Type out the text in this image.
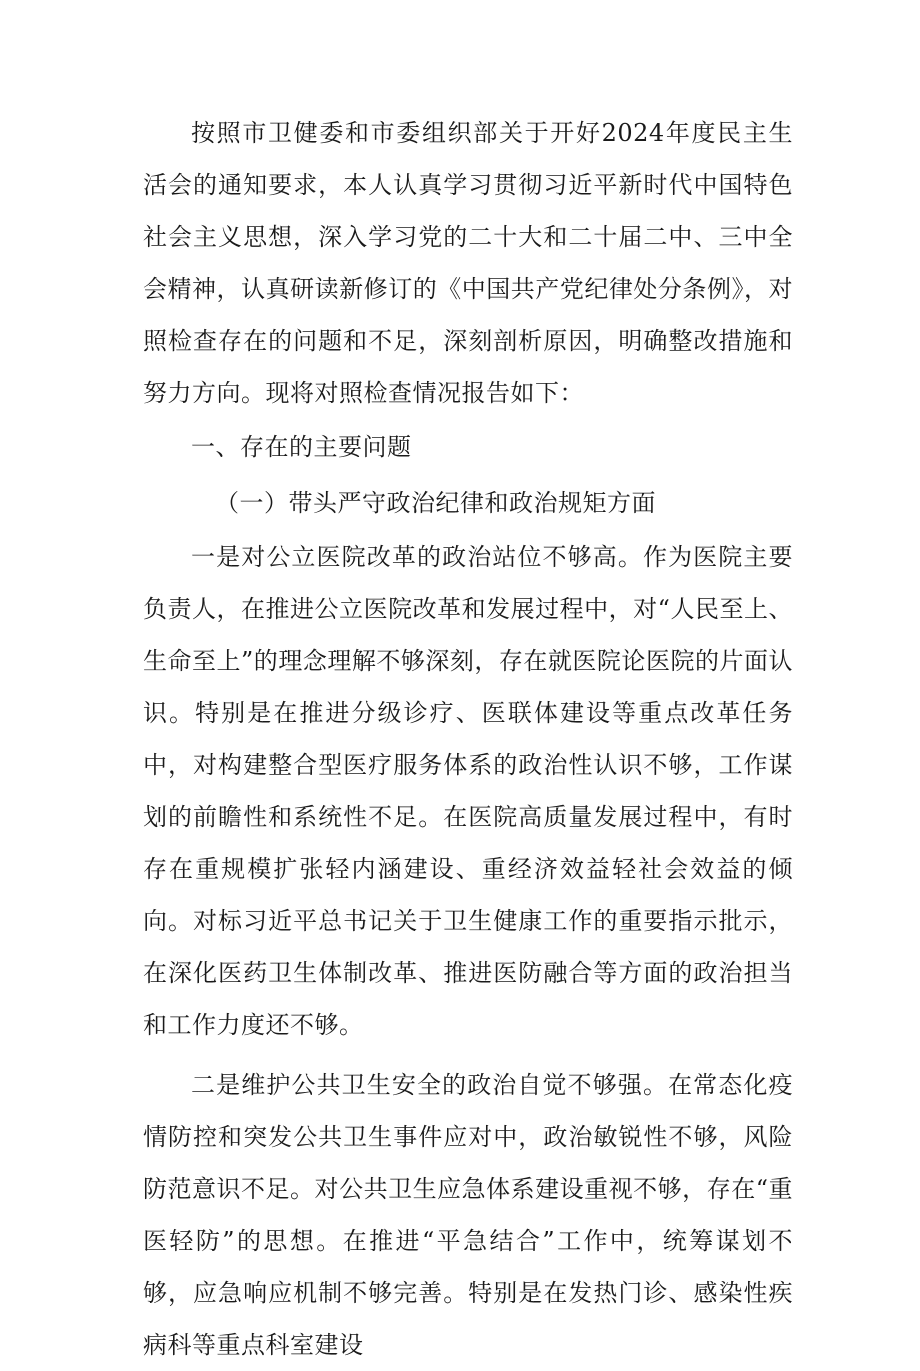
按照市卫健委和市委组织部关于开好2024年度民主生活会的通知要求，本人认真学习贯彻习近平新时代中国特色社会主义思想，深入学习党的二十大和二十届二中、三中全会精神，认真研读新修订的《中国共产党纪律处分条例》，对照检查存在的问题和不足，深刻剖析原因，明确整改措施和努力方向。现将对照检查情况报告如下：

一、存在的主要问题

（一）带头严守政治纪律和政治规矩方面

一是对公立医院改革的政治站位不够高。作为医院主要负责人，在推进公立医院改革和发展过程中，对“人民至上、生命至上”的理念理解不够深刻，存在就医院论医院的片面认识。特别是在推进分级诊疗、医联体建设等重点改革任务中，对构建整合型医疗服务体系的政治性认识不够，工作谋划的前瞻性和系统性不足。在医院高质量发展过程中，有时存在重规模扩张轻内涵建设、重经济效益轻社会效益的倾向。对标习近平总书记关于卫生健康工作的重要指示批示，在深化医药卫生体制改革、推进医防融合等方面的政治担当和工作力度还不够。

二是维护公共卫生安全的政治自觉不够强。在常态化疫情防控和突发公共卫生事件应对中，政治敏锐性不够，风险防范意识不足。对公共卫生应急体系建设重视不够，存在“重医轻防”的思想。在推进“平急结合”工作中，统筹谋划不够，应急响应机制不够完善。特别是在发热门诊、感染性疾病科等重点科室建设
